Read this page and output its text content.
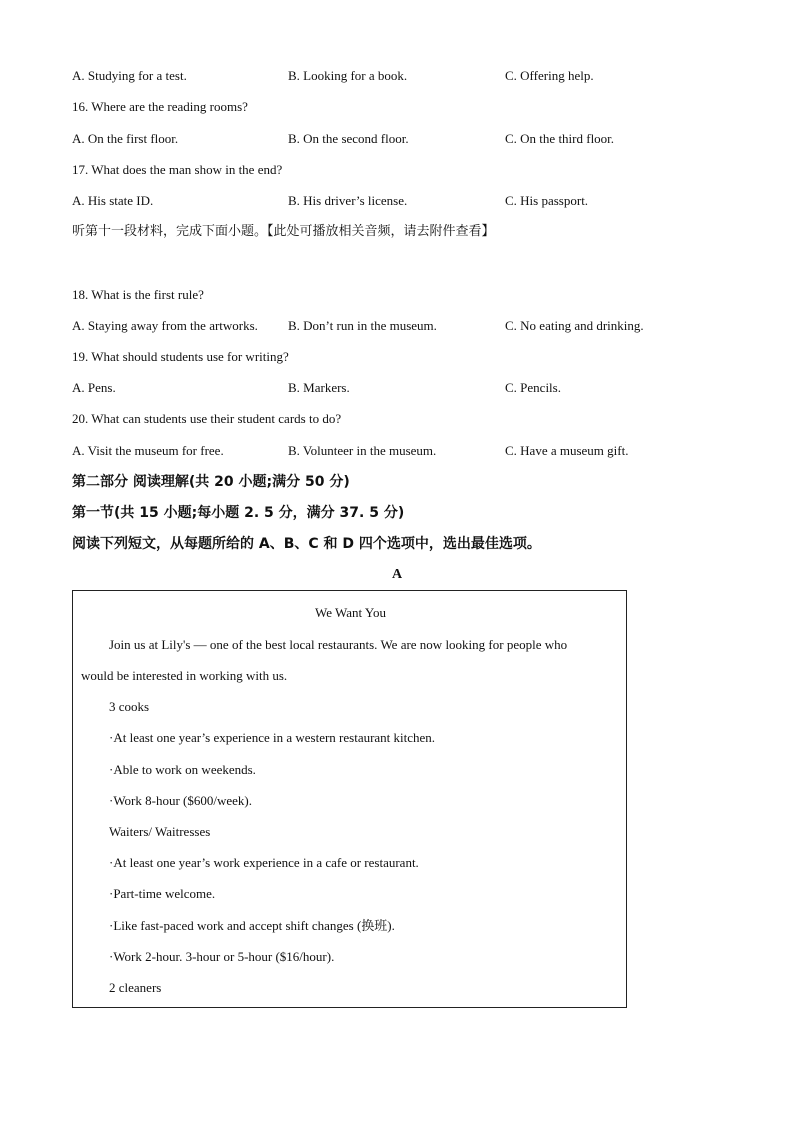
A. Studying for a test.	B. Looking for a book.	C. Offering help.
16. Where are the reading rooms?
A. On the first floor.	B. On the second floor.	C. On the third floor.
17. What does the man show in the end?
A. His state ID.	B. His driver’s license.	C. His passport.
听第十一段材料，完成下面小题。【此处可播放相关音频，请去附件查看】
18. What is the first rule?
A. Staying away from the artworks. B. Don’t run in the museum.	C. No eating and drinking.
19. What should students use for writing?
A. Pens.	B. Markers.	C. Pencils.
20. What can students use their student cards to do?
A. Visit the museum for free.	B. Volunteer in the museum.	C. Have a museum gift.
第二部分 阅读理解(共 20 小题;满分 50 分)
第一节(共 15 小题;每小题 2. 5 分，满分 37. 5 分)
阅读下列短文，从每题所给的 A、B、C 和 D 四个选项中，选出最佳选项。
A
We Want You
Join us at Lily's — one of the best local restaurants. We are now looking for people who
would be interested in working with us.
3 cooks
·At least one year’s experience in a western restaurant kitchen.
·Able to work on weekends.
·Work 8-hour ($600/week).
Waiters/ Waitresses
·At least one year’s work experience in a cafe or restaurant.
·Part-time welcome.
·Like fast-paced work and accept shift changes (换班).
·Work 2-hour. 3-hour or 5-hour ($16/hour).
2 cleaners
